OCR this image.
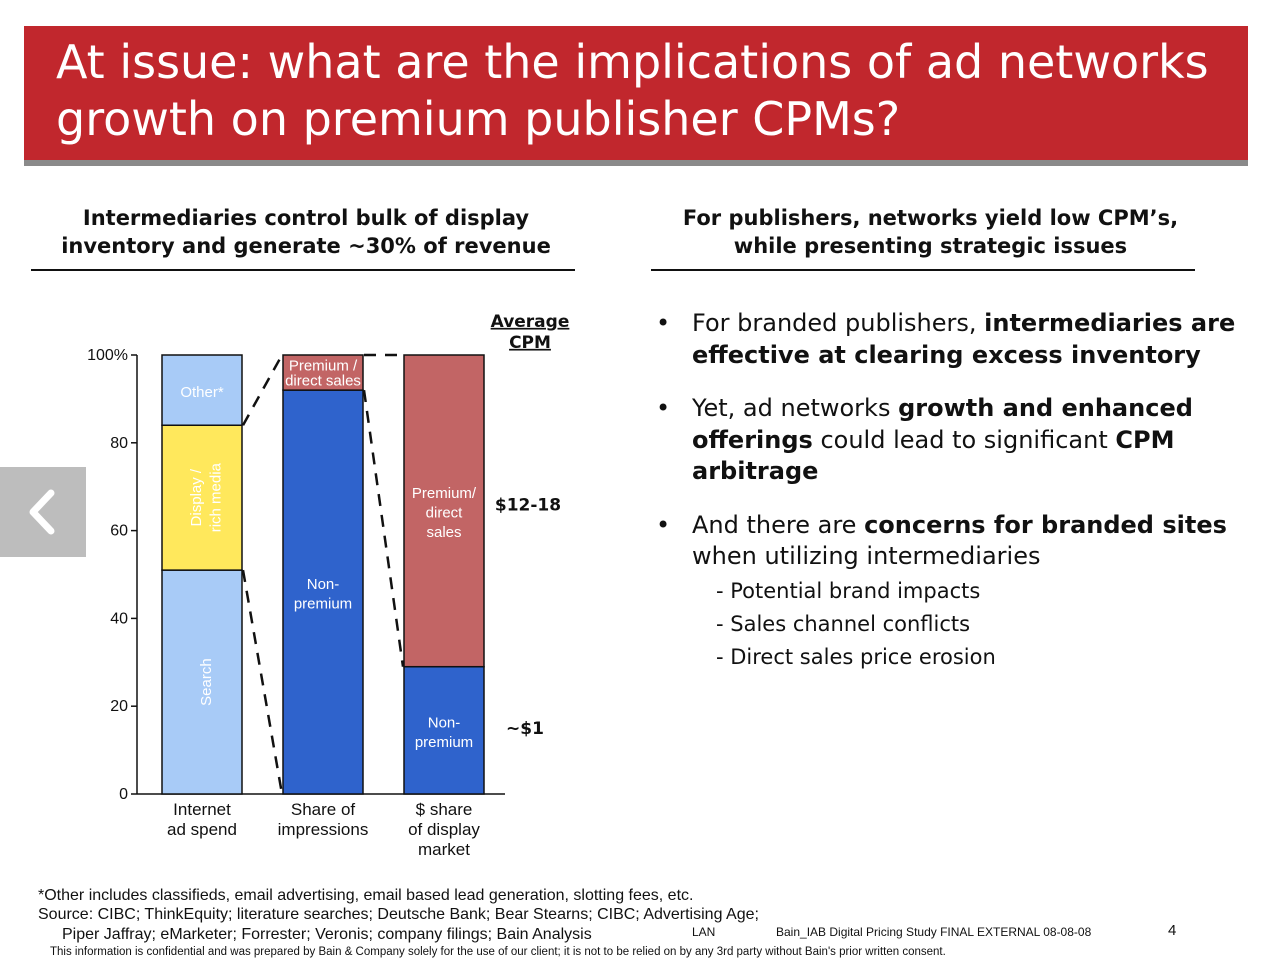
At issue: what are the implications of ad networks growth on premium publisher CPMs?
Intermediaries control bulk of display inventory and generate ~30% of revenue
For publishers, networks yield low CPM’s, while presenting strategic issues
0
20
40
60
80
100%
Search
Display / rich media
Other*
Internet ad spend
Non-premium
Premium / direct sales
Share of impressions
Non-premium
Premium/ direct sales
$ share of display market
Average CPM
$12-18
~$1
• For branded publishers, intermediaries are effective at clearing excess inventory
• Yet, ad networks growth and enhanced offerings could lead to significant CPM arbitrage
• And there are concerns for branded sites when utilizing intermediaries
- Potential brand impacts
- Sales channel conflicts
- Direct sales price erosion
*Other includes classifieds, email advertising, email based lead generation, slotting fees, etc.
Source: CIBC; ThinkEquity; literature searches; Deutsche Bank; Bear Stearns; CIBC; Advertising Age;
Piper Jaffray; eMarketer; Forrester; Veronis; company filings; Bain Analysis	LAN	Bain_IAB Digital Pricing Study FINAL EXTERNAL 08-08-08	4
This information is confidential and was prepared by Bain & Company solely for the use of our client; it is not to be relied on by any 3rd party without Bain's prior written consent.
